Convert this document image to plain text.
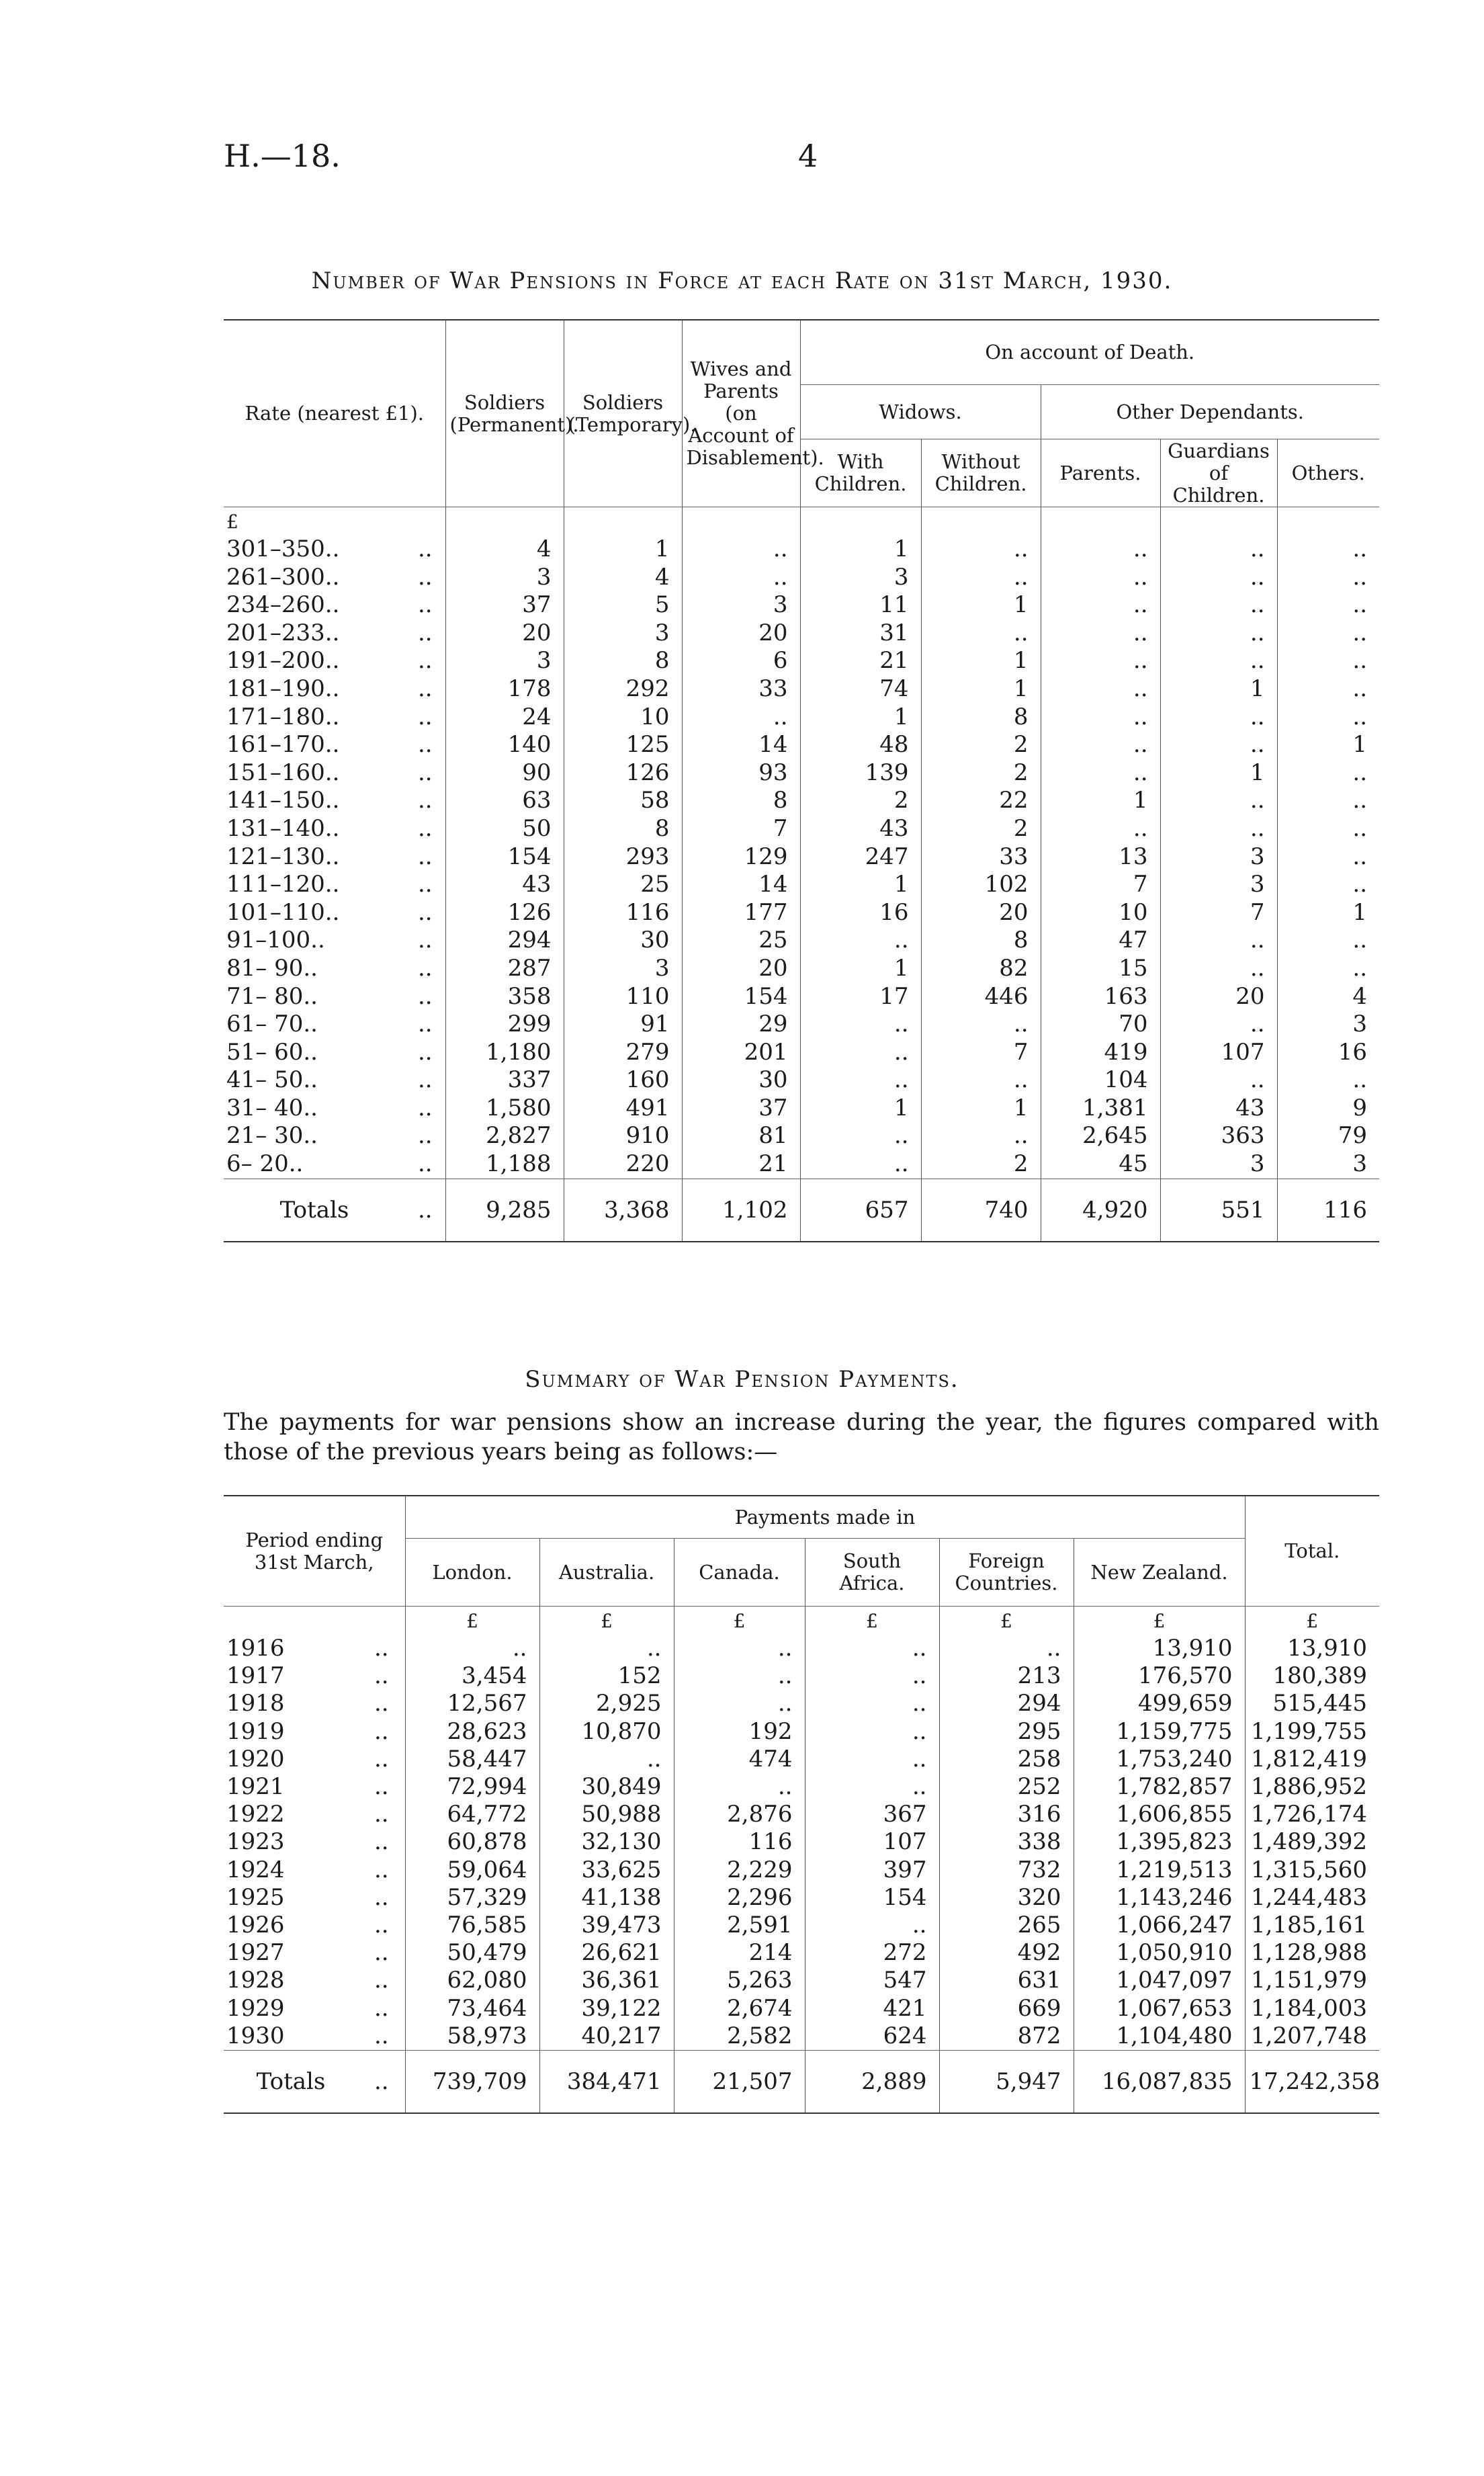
H.—18.	4
Number of War Pensions in Force at each Rate on 31st March, 1930.
Rate (nearest £1).		Soldiers (Permanent).	Soldiers (Temporary).	Wives and Parents (on Account of Disablement).	On account of Death.				
					Widows.		Other Dependants.		
					With Children.	Without Children.	Parents.	Guardians of Children.	Others.
£									
301–350..	..	4	1	..	1	..	..	..	..
261–300..	..	3	4	..	3	..	..	..	..
234–260..	..	37	5	3	11	1	..	..	..
201–233..	..	20	3	20	31	..	..	..	..
191–200..	..	3	8	6	21	1	..	..	..
181–190..	..	178	292	33	74	1	..	1	..
171–180..	..	24	10	..	1	8	..	..	..
161–170..	..	140	125	14	48	2	..	..	1
151–160..	..	90	126	93	139	2	..	1	..
141–150..	..	63	58	8	2	22	1	..	..
131–140..	..	50	8	7	43	2	..	..	..
121–130..	..	154	293	129	247	33	13	3	..
111–120..	..	43	25	14	1	102	7	3	..
101–110..	..	126	116	177	16	20	10	7	1
91–100..	..	294	30	25	..	8	47	..	..
81– 90..	..	287	3	20	1	82	15	..	..
71– 80..	..	358	110	154	17	446	163	20	4
61– 70..	..	299	91	29	..	..	70	..	3
51– 60..	..	1,180	279	201	..	7	419	107	16
41– 50..	..	337	160	30	..	..	104	..	..
31– 40..	..	1,580	491	37	1	1	1,381	43	9
21– 30..	..	2,827	910	81	..	..	2,645	363	79
6– 20..	..	1,188	220	21	..	2	45	3	3
Totals	..	9,285	3,368	1,102	657	740	4,920	551	116
Summary of War Pension Payments.
The payments for war pensions show an increase during the year, the figures compared with those of the previous years being as follows:—
Period ending 31st March,		Payments made in						Total.
		London.	Australia.	Canada.	South Africa.	Foreign Countries.	New Zealand.	
		£	£	£	£	£	£	£
1916	..	..	..	..	..	..	13,910	13,910
1917	..	3,454	152	..	..	213	176,570	180,389
1918	..	12,567	2,925	..	..	294	499,659	515,445
1919	..	28,623	10,870	192	..	295	1,159,775	1,199,755
1920	..	58,447	..	474	..	258	1,753,240	1,812,419
1921	..	72,994	30,849	..	..	252	1,782,857	1,886,952
1922	..	64,772	50,988	2,876	367	316	1,606,855	1,726,174
1923	..	60,878	32,130	116	107	338	1,395,823	1,489,392
1924	..	59,064	33,625	2,229	397	732	1,219,513	1,315,560
1925	..	57,329	41,138	2,296	154	320	1,143,246	1,244,483
1926	..	76,585	39,473	2,591	..	265	1,066,247	1,185,161
1927	..	50,479	26,621	214	272	492	1,050,910	1,128,988
1928	..	62,080	36,361	5,263	547	631	1,047,097	1,151,979
1929	..	73,464	39,122	2,674	421	669	1,067,653	1,184,003
1930	..	58,973	40,217	2,582	624	872	1,104,480	1,207,748
Totals	..	739,709	384,471	21,507	2,889	5,947	16,087,835	17,242,358
